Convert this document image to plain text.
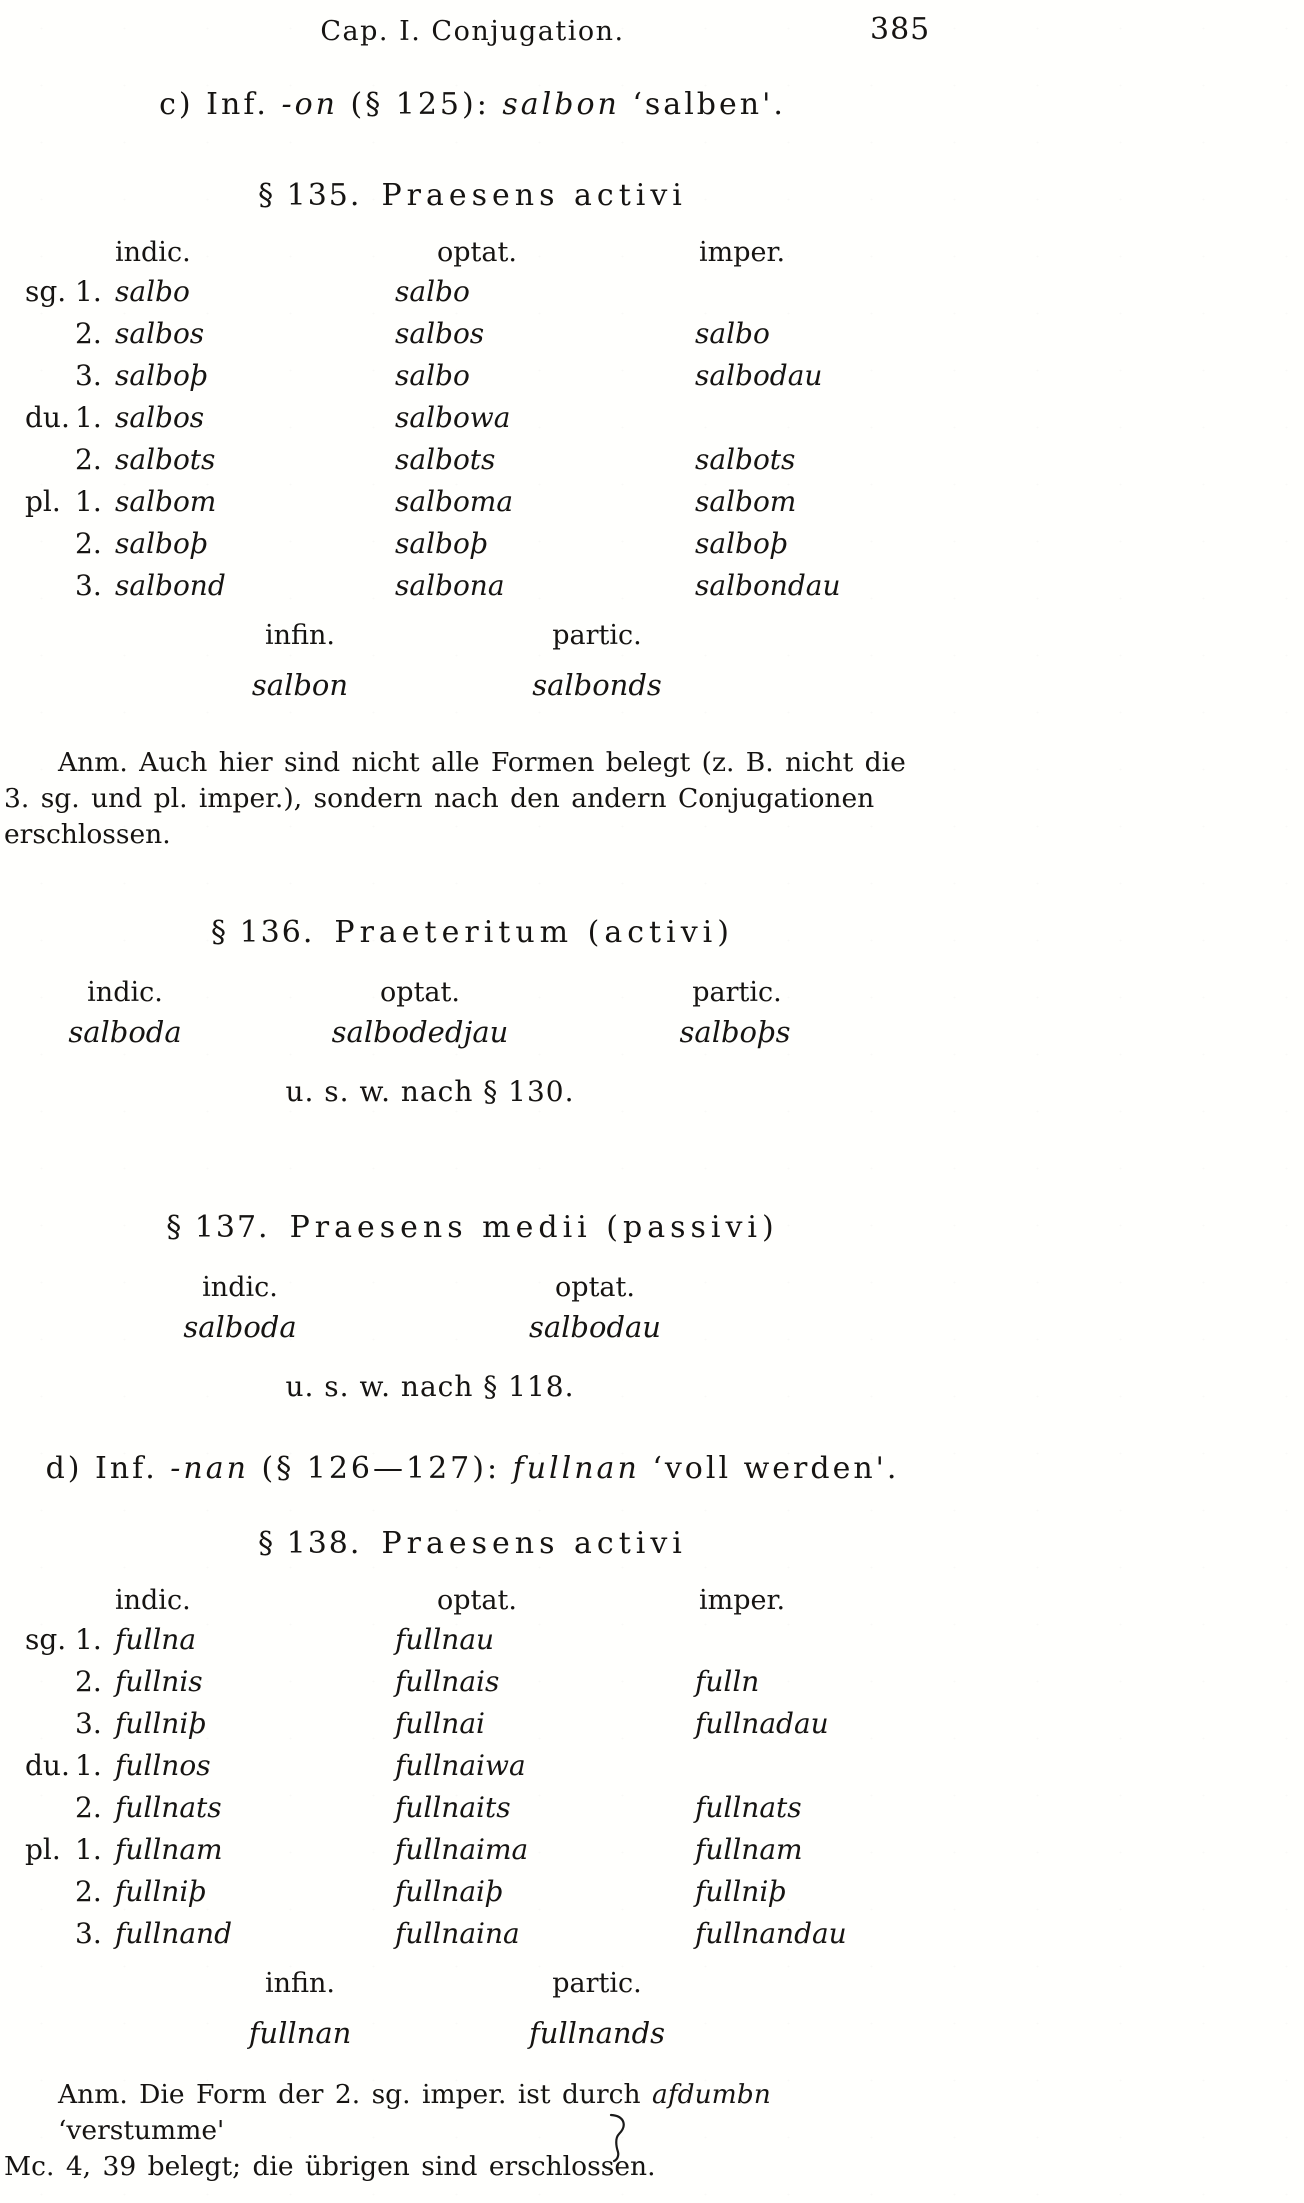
Cap. I. Conjugation.	385
c) Inf. -on (§ 125): salbon ʻsalben'.
§ 135. Praesens activi
indic.	optat.	imper.
sg. 1. salbo	salbo
2. salbos	salbos	salbo
3. salboþ	salbo	salbodau
du. 1. salbos	salbowa
2. salbots	salbots	salbots
pl. 1. salbom	salboma	salbom
2. salboþ	salboþ	salboþ
3. salbond	salbona	salbondau
infin.	partic.
salbon	salbonds
Anm. Auch hier sind nicht alle Formen belegt (z. B. nicht die
3. sg. und pl. imper.), sondern nach den andern Conjugationen erschlossen.
§ 136. Praeteritum (activi)
indic.	optat.	partic.
salboda	salbodedjau	salboþs
u. s. w. nach § 130.
§ 137. Praesens medii (passivi)
indic.	optat.
salboda	salbodau
u. s. w. nach § 118.
d) Inf. -nan (§ 126—127): fullnan ʻvoll werden'.
§ 138. Praesens activi
indic.	optat.	imper.
sg. 1. fullna	fullnau
2. fullnis	fullnais	fulln
3. fullniþ	fullnai	fullnadau
du. 1. fullnos	fullnaiwa
2. fullnats	fullnaits	fullnats
pl. 1. fullnam	fullnaima	fullnam
2. fullniþ	fullnaiþ	fullniþ
3. fullnand	fullnaina	fullnandau
infin.	partic.
fullnan	fullnands
Anm. Die Form der 2. sg. imper. ist durch afdumbn ʻverstumme'
Mc. 4, 39 belegt; die übrigen sind erschlossen.
